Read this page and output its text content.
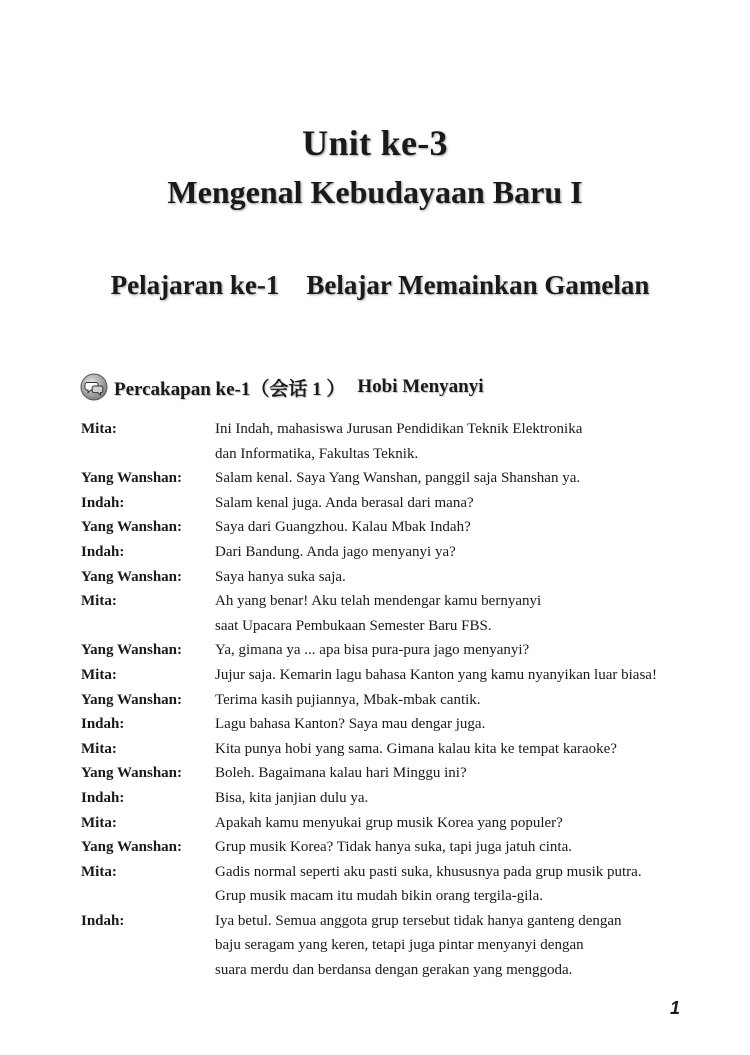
Unit ke-3
Mengenal Kebudayaan Baru I
Pelajaran ke-1    Belajar Memainkan Gamelan
Percakapan ke-1（会话 1 ） Hobi Menyanyi
Mita:	Ini Indah, mahasiswa Jurusan Pendidikan Teknik Elektronika
dan Informatika, Fakultas Teknik.
Yang Wanshan:	Salam kenal. Saya Yang Wanshan, panggil saja Shanshan ya.
Indah:	Salam kenal juga. Anda berasal dari mana?
Yang Wanshan:	Saya dari Guangzhou. Kalau Mbak Indah?
Indah:	Dari Bandung. Anda jago menyanyi ya?
Yang Wanshan:	Saya hanya suka saja.
Mita:	Ah yang benar! Aku telah mendengar kamu bernyanyi
saat Upacara Pembukaan Semester Baru FBS.
Yang Wanshan:	Ya, gimana ya ... apa bisa pura-pura jago menyanyi?
Mita:	Jujur saja. Kemarin lagu bahasa Kanton yang kamu nyanyikan luar biasa!
Yang Wanshan:	Terima kasih pujiannya, Mbak-mbak cantik.
Indah:	Lagu bahasa Kanton? Saya mau dengar juga.
Mita:	Kita punya hobi yang sama. Gimana kalau kita ke tempat karaoke?
Yang Wanshan:	Boleh. Bagaimana kalau hari Minggu ini?
Indah:	Bisa, kita janjian dulu ya.
Mita:	Apakah kamu menyukai grup musik Korea yang populer?
Yang Wanshan:	Grup musik Korea? Tidak hanya suka, tapi juga jatuh cinta.
Mita:	Gadis normal seperti aku pasti suka, khususnya pada grup musik putra.
Grup musik macam itu mudah bikin orang tergila-gila.
Indah:	Iya betul. Semua anggota grup tersebut tidak hanya ganteng dengan
baju seragam yang keren, tetapi juga pintar menyanyi dengan
suara merdu dan berdansa dengan gerakan yang menggoda.
1
